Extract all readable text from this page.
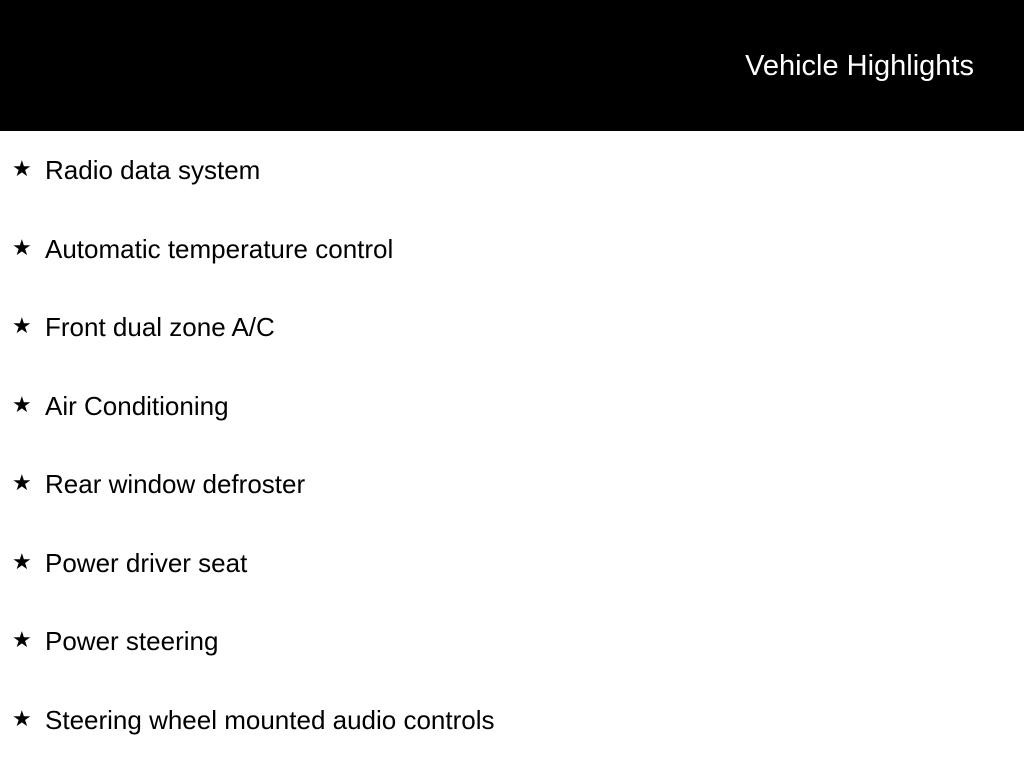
Vehicle Highlights
★ Radio data system
★ Automatic temperature control
★ Front dual zone A/C
★ Air Conditioning
★ Rear window defroster
★ Power driver seat
★ Power steering
★ Steering wheel mounted audio controls
